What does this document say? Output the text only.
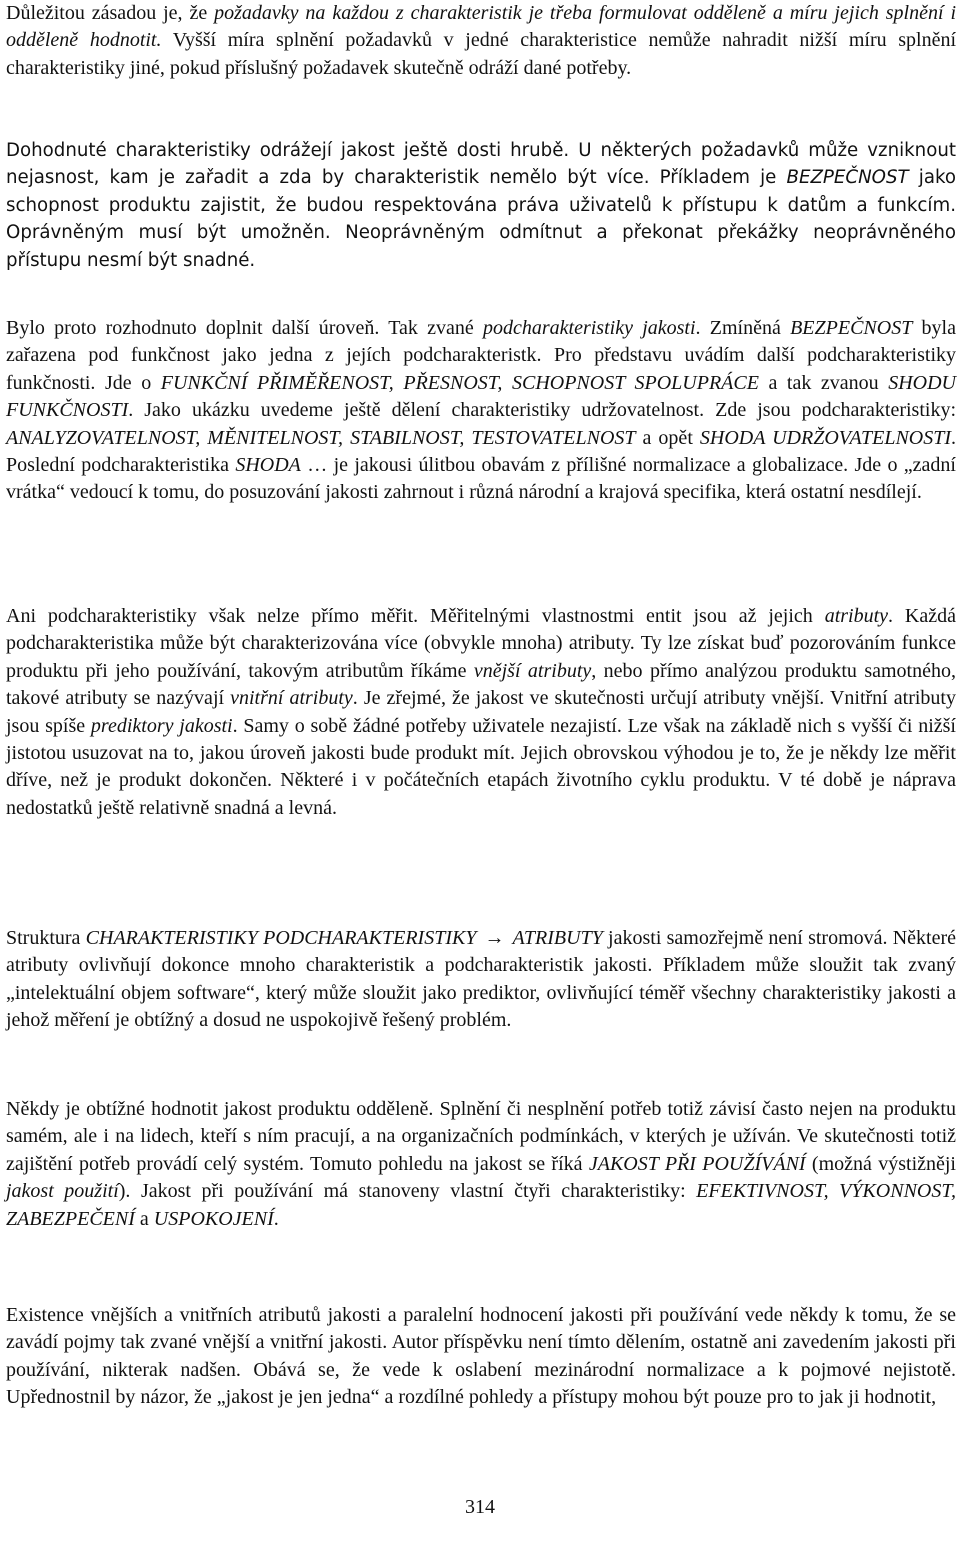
Důležitou zásadou je, že požadavky na každou z charakteristik je třeba formulovat odděleně a míru jejich splnění i odděleně hodnotit. Vyšší míra splnění požadavků v jedné charakteristice nemůže nahradit nižší míru splnění charakteristiky jiné, pokud příslušný požadavek skutečně odráží dané potřeby.

Dohodnuté charakteristiky odrážejí jakost ještě dosti hrubě. U některých požadavků může vzniknout nejasnost, kam je zařadit a zda by charakteristik nemělo být více. Příkladem je BEZPEČNOST jako schopnost produktu zajistit, že budou respektována práva uživatelů k přístupu k datům a funkcím. Oprávněným musí být umožněn. Neoprávněným odmítnut a překonat překážky neoprávněného přístupu nesmí být snadné.

Bylo proto rozhodnuto doplnit další úroveň. Tak zvané podcharakteristiky jakosti. Zmíněná BEZPEČNOST byla zařazena pod funkčnost jako jedna z jejích podcharakteristk. Pro představu uvádím další podcharakteristiky funkčnosti. Jde o FUNKČNÍ PŘIMĚŘENOST, PŘESNOST, SCHOPNOST SPOLUPRÁCE a tak zvanou SHODU FUNKČNOSTI. Jako ukázku uvedeme ještě dělení charakteristiky udržovatelnost. Zde jsou podcharakteristiky: ANALYZOVATELNOST, MĚNITELNOST, STABILNOST, TESTOVATELNOST a opět SHODA UDRŽOVATELNOSTI. Poslední podcharakteristika SHODA … je jakousi úlitbou obavám z přílišné normalizace a globalizace. Jde o „zadní vrátka“ vedoucí k tomu, do posuzování jakosti zahrnout i různá národní a krajová specifika, která ostatní nesdílejí.

Ani podcharakteristiky však nelze přímo měřit. Měřitelnými vlastnostmi entit jsou až jejich atributy. Každá podcharakteristika může být charakterizována více (obvykle mnoha) atributy. Ty lze získat buď pozorováním funkce produktu při jeho používání, takovým atributům říkáme vnější atributy, nebo přímo analýzou produktu samotného, takové atributy se nazývají vnitřní atributy. Je zřejmé, že jakost ve skutečnosti určují atributy vnější. Vnitřní atributy jsou spíše prediktory jakosti. Samy o sobě žádné potřeby uživatele nezajistí. Lze však na základě nich s vyšší či nižší jistotou usuzovat na to, jakou úroveň jakosti bude produkt mít. Jejich obrovskou výhodou je to, že je někdy lze měřit dříve, než je produkt dokončen. Některé i v počátečních etapách životního cyklu produktu. V té době je náprava nedostatků ještě relativně snadná a levná.

Struktura CHARAKTERISTIKY PODCHARAKTERISTIKY → ATRIBUTY jakosti samozřejmě není stromová. Některé atributy ovlivňují dokonce mnoho charakteristik a podcharakteristik jakosti. Příkladem může sloužit tak zvaný „intelektuální objem software“, který může sloužit jako prediktor, ovlivňující téměř všechny charakteristiky jakosti a jehož měření je obtížný a dosud ne uspokojivě řešený problém.

Někdy je obtížné hodnotit jakost produktu odděleně. Splnění či nesplnění potřeb totiž závisí často nejen na produktu samém, ale i na lidech, kteří s ním pracují, a na organizačních podmínkách, v kterých je užíván. Ve skutečnosti totiž zajištění potřeb provádí celý systém. Tomuto pohledu na jakost se říká JAKOST PŘI POUŽÍVÁNÍ (možná výstižněji jakost použití). Jakost při používání má stanoveny vlastní čtyři charakteristiky: EFEKTIVNOST, VÝKONNOST, ZABEZPEČENÍ a USPOKOJENÍ.

Existence vnějších a vnitřních atributů jakosti a paralelní hodnocení jakosti při používání vede někdy k tomu, že se zavádí pojmy tak zvané vnější a vnitřní jakosti. Autor příspěvku není tímto dělením, ostatně ani zavedením jakosti při používání, nikterak nadšen. Obává se, že vede k oslabení mezinárodní normalizace a k pojmové nejistotě. Upřednostnil by názor, že „jakost je jen jedna“ a rozdílné pohledy a přístupy mohou být pouze pro to jak ji hodnotit,

314
